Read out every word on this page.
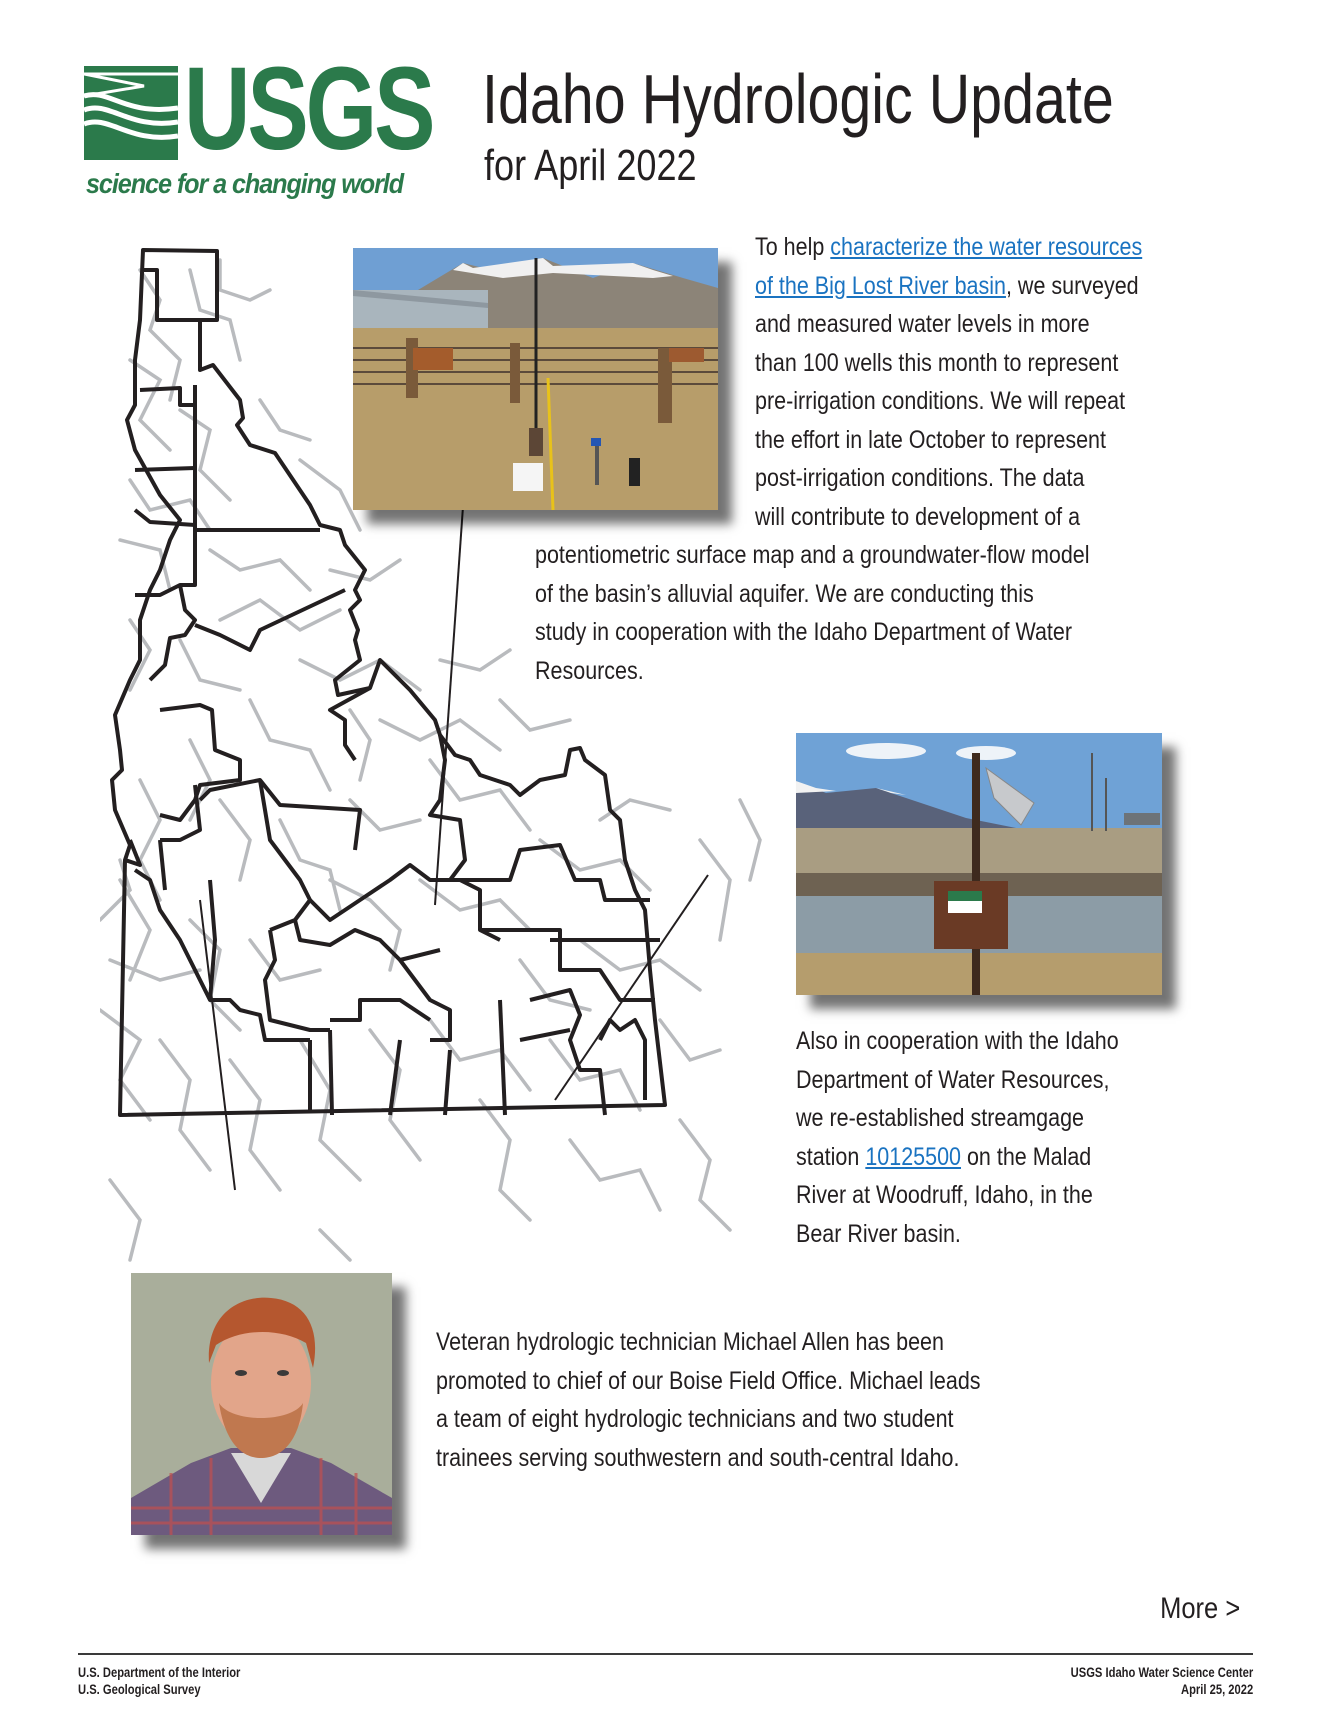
USGS
science for a changing world
Idaho Hydrologic Update
for April 2022
To help characterize the water resources
of the Big Lost River basin, we surveyed
and measured water levels in more
than 100 wells this month to represent
pre-irrigation conditions. We will repeat
the effort in late October to represent
post-irrigation conditions. The data
will contribute to development of a
potentiometric surface map and a groundwater-flow model
of the basin’s alluvial aquifer. We are conducting this
study in cooperation with the Idaho Department of Water
Resources.
Also in cooperation with the Idaho
Department of Water Resources,
we re-established streamgage
station 10125500 on the Malad
River at Woodruff, Idaho, in the
Bear River basin.
Veteran hydrologic technician Michael Allen has been
promoted to chief of our Boise Field Office. Michael leads
a team of eight hydrologic technicians and two student
trainees serving southwestern and south-central Idaho.
More >
U.S. Department of the Interior
U.S. Geological Survey
USGS Idaho Water Science Center
April 25, 2022
